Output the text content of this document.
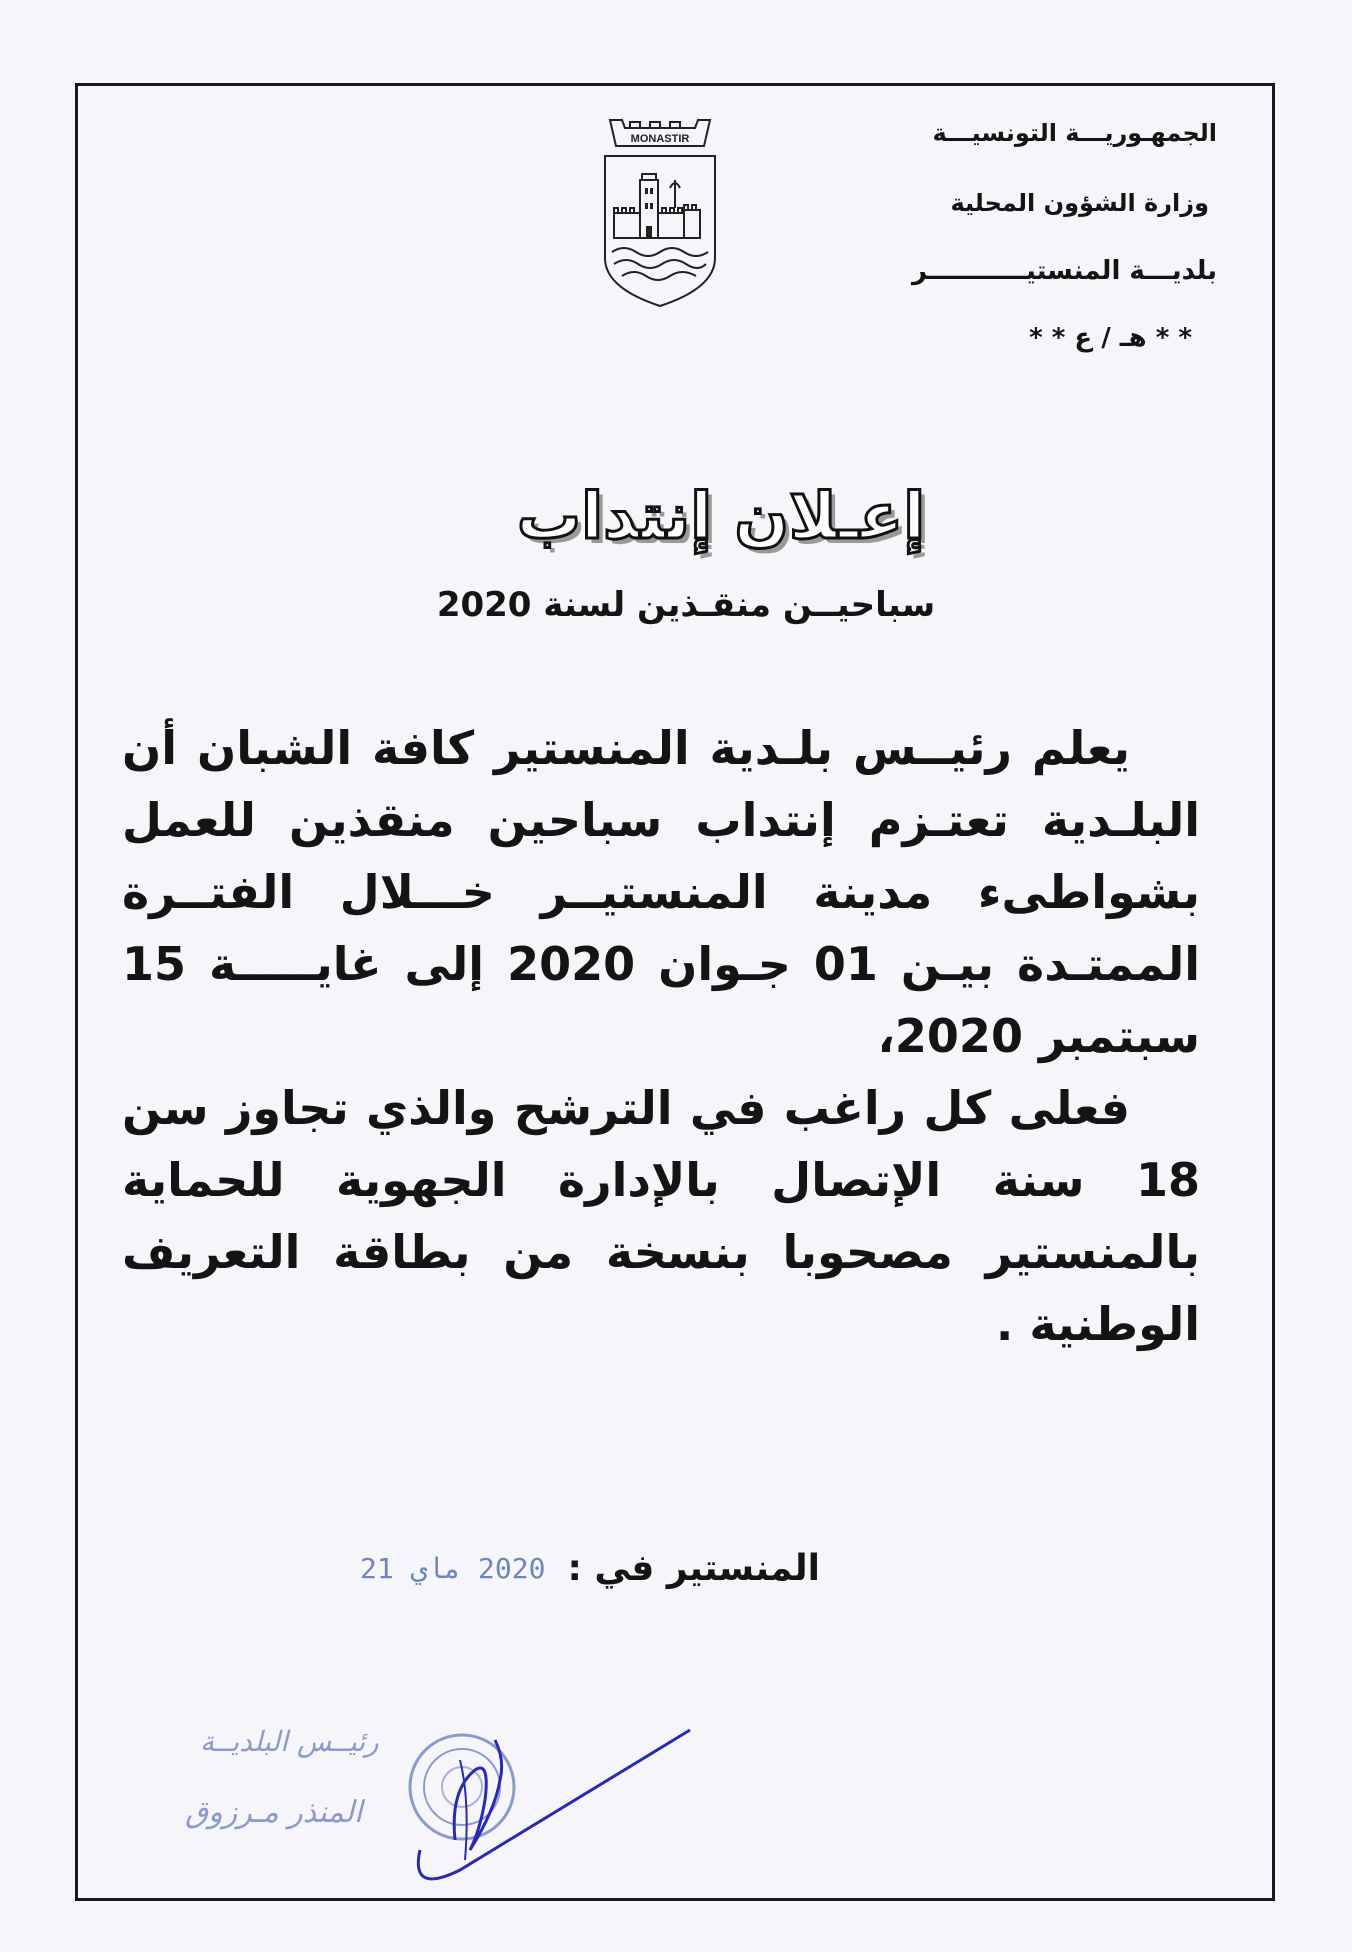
الجمهـوريـــة التونسيـــة
وزارة الشؤون المحلية
بلديـــة المنستيـــــــــــر
* * هـ / ع * *
MONASTIR
إعـلان إنتداب
سباحيــن منقـذين لسنة 2020

يعلم رئيــس بلـدية المنستير كافة الشبان أن البلـدية تعتـزم إنتداب سباحين منقذين للعمل بشواطىء مدينة المنستيــر خـــلال الفتــرة الممتـدة بيـن 01 جـوان 2020 إلى غايـــــة 15 سبتمبر 2020،

فعلى كل راغب في الترشح والذي تجاوز سن 18 سنة الإتصال بالإدارة الجهوية للحماية بالمنستير مصحوبا بنسخة من بطاقة التعريف الوطنية .

المنستير في :
2020 ماي 21
رئيــس البلديــة
المنذر مـرزوق
